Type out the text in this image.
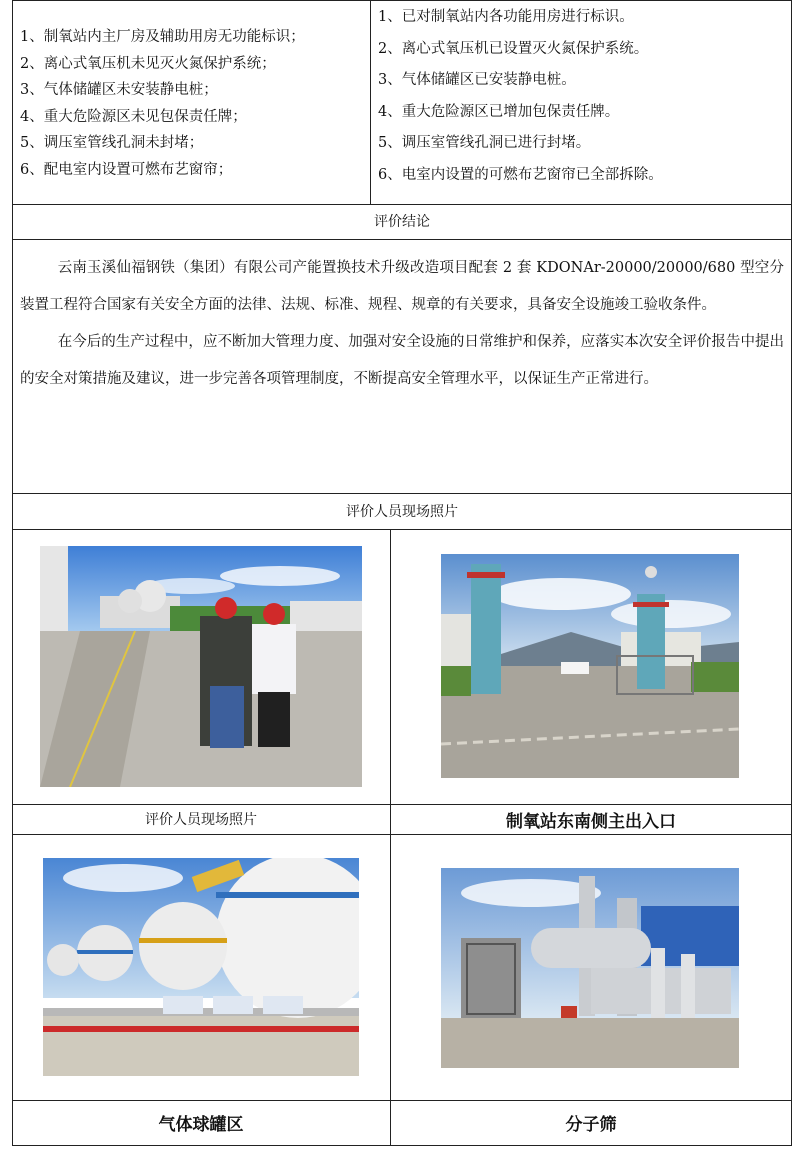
1、制氧站内主厂房及辅助用房无功能标识；
2、离心式氧压机未见灭火氮保护系统；
3、气体储罐区未安装静电桩；
4、重大危险源区未见包保责任牌；
5、调压室管线孔洞未封堵；
6、配电室内设置可燃布艺窗帘；
1、已对制氧站内各功能用房进行标识。
2、离心式氧压机已设置灭火氮保护系统。
3、气体储罐区已安装静电桩。
4、重大危险源区已增加包保责任牌。
5、调压室管线孔洞已进行封堵。
6、电室内设置的可燃布艺窗帘已全部拆除。
评价结论

云南玉溪仙福钢铁（集团）有限公司产能置换技术升级改造项目配套 2 套 KDONAr-20000/20000/680 型空分装置工程符合国家有关安全方面的法律、法规、标准、规程、规章的有关要求，具备安全设施竣工验收条件。

在今后的生产过程中，应不断加大管理力度、加强对安全设施的日常维护和保养，应落实本次安全评价报告中提出的安全对策措施及建议，进一步完善各项管理制度，不断提高安全管理水平，以保证生产正常进行。

评价人员现场照片
评价人员现场照片	制氧站东南侧主出入口
气体球罐区	分子筛
